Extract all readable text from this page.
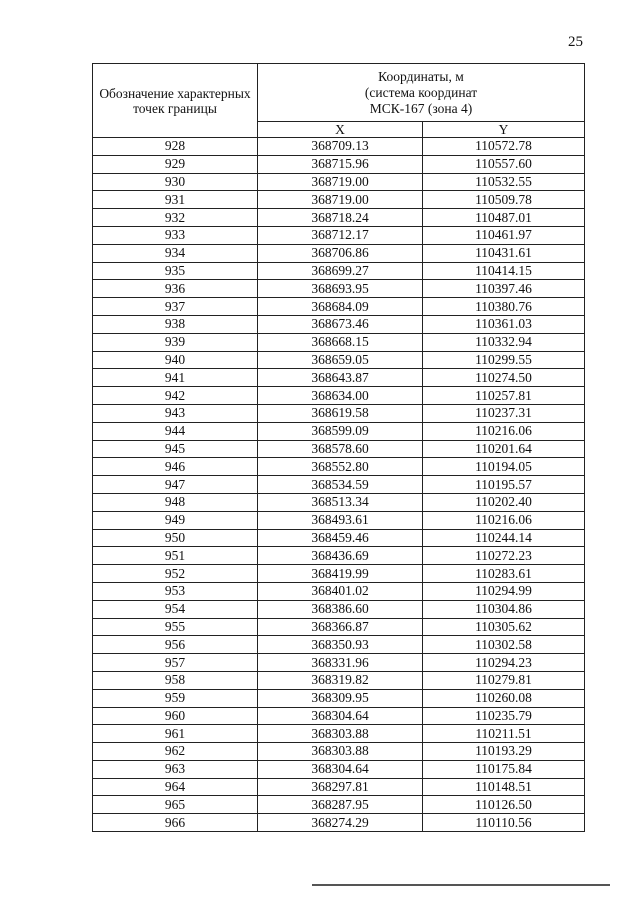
25
Обозначение характерных точек границы	Координаты, м
(система координат
МСК-167 (зона 4)	

	X	Y
928	368709.13	110572.78
929	368715.96	110557.60
930	368719.00	110532.55
931	368719.00	110509.78
932	368718.24	110487.01
933	368712.17	110461.97
934	368706.86	110431.61
935	368699.27	110414.15
936	368693.95	110397.46
937	368684.09	110380.76
938	368673.46	110361.03
939	368668.15	110332.94
940	368659.05	110299.55
941	368643.87	110274.50
942	368634.00	110257.81
943	368619.58	110237.31
944	368599.09	110216.06
945	368578.60	110201.64
946	368552.80	110194.05
947	368534.59	110195.57
948	368513.34	110202.40
949	368493.61	110216.06
950	368459.46	110244.14
951	368436.69	110272.23
952	368419.99	110283.61
953	368401.02	110294.99
954	368386.60	110304.86
955	368366.87	110305.62
956	368350.93	110302.58
957	368331.96	110294.23
958	368319.82	110279.81
959	368309.95	110260.08
960	368304.64	110235.79
961	368303.88	110211.51
962	368303.88	110193.29
963	368304.64	110175.84
964	368297.81	110148.51
965	368287.95	110126.50
966	368274.29	110110.56
